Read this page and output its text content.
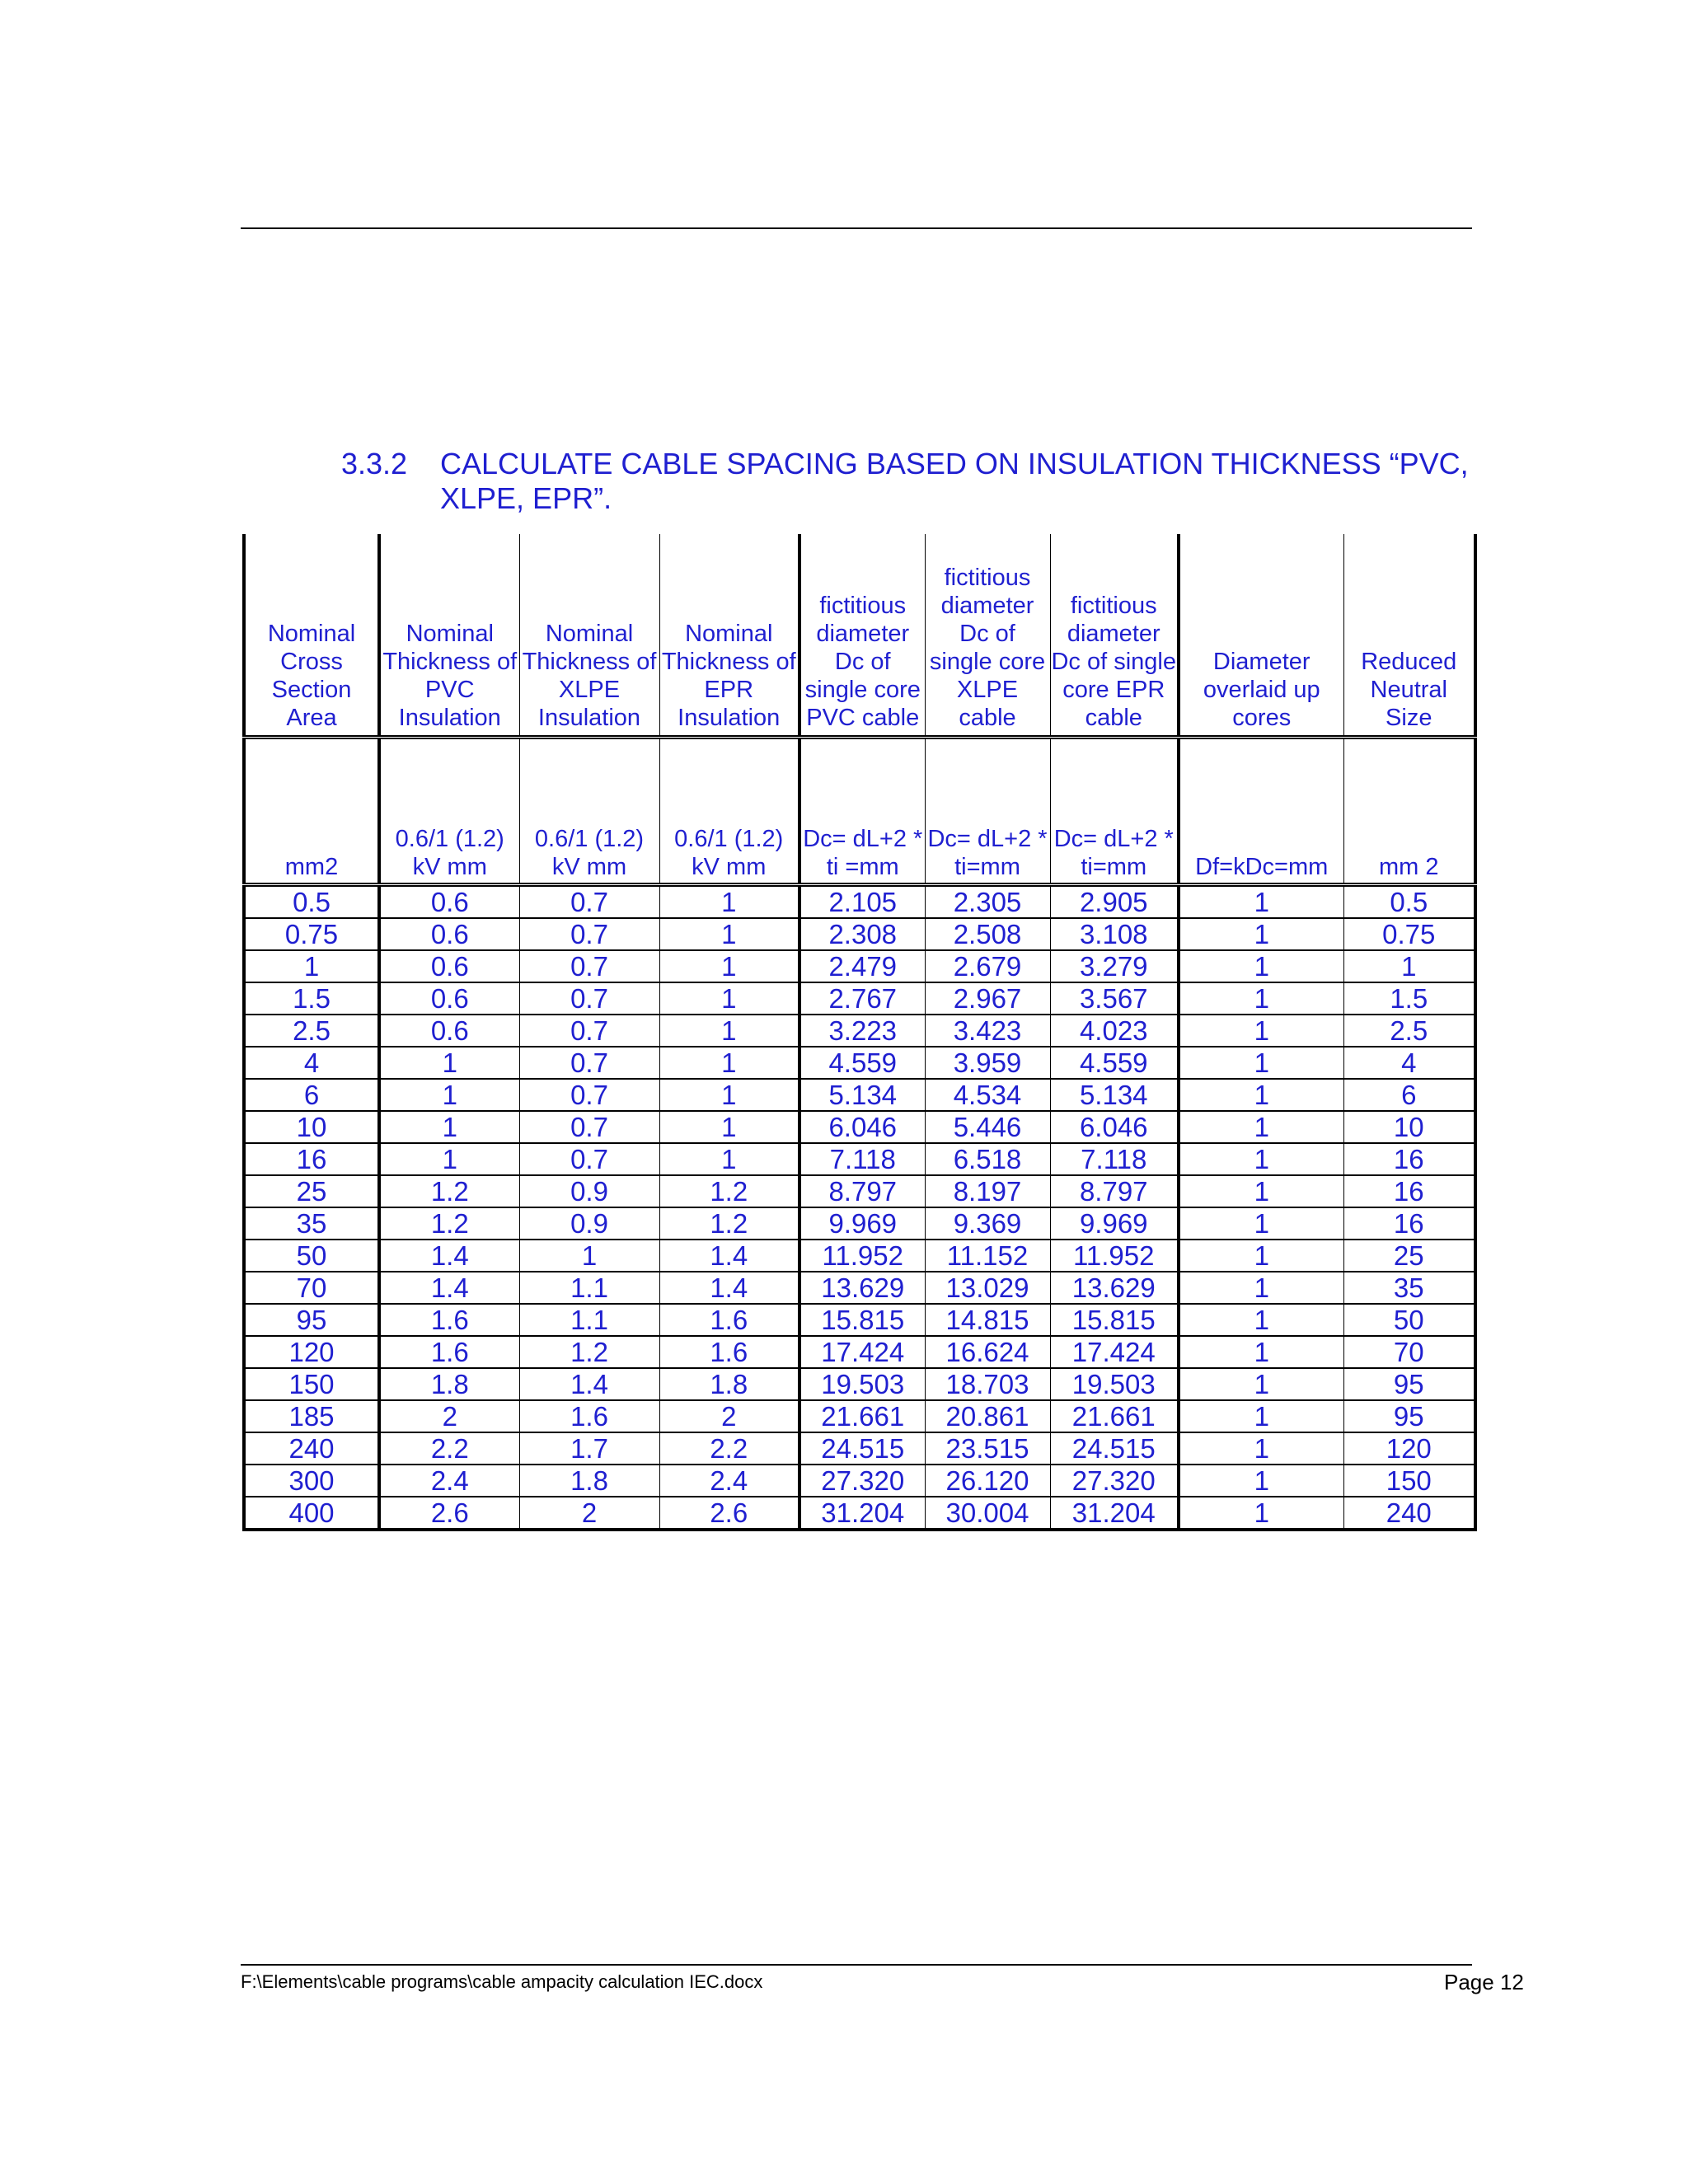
3.3.2 CALCULATE CABLE SPACING BASED ON INSULATION THICKNESS “PVC, XLPE, EPR”.
Nominal Cross Section Area	Nominal Thickness of PVC Insulation	Nominal Thickness of XLPE Insulation	Nominal Thickness of EPR Insulation	fictitious diameter Dc of single core PVC cable	fictitious diameter Dc of single core XLPE cable	fictitious diameter Dc of single core EPR cable	Diameter overlaid up cores	Reduced Neutral Size
mm2	0.6/1 (1.2) kV mm	0.6/1 (1.2) kV mm	0.6/1 (1.2) kV mm	Dc= dL+2 * ti =mm	Dc= dL+2 * ti=mm	Dc= dL+2 * ti=mm	Df=kDc=mm	mm 2
0.5	0.6	0.7	1	2.105	2.305	2.905	1	0.5
0.75	0.6	0.7	1	2.308	2.508	3.108	1	0.75
1	0.6	0.7	1	2.479	2.679	3.279	1	1
1.5	0.6	0.7	1	2.767	2.967	3.567	1	1.5
2.5	0.6	0.7	1	3.223	3.423	4.023	1	2.5
4	1	0.7	1	4.559	3.959	4.559	1	4
6	1	0.7	1	5.134	4.534	5.134	1	6
10	1	0.7	1	6.046	5.446	6.046	1	10
16	1	0.7	1	7.118	6.518	7.118	1	16
25	1.2	0.9	1.2	8.797	8.197	8.797	1	16
35	1.2	0.9	1.2	9.969	9.369	9.969	1	16
50	1.4	1	1.4	11.952	11.152	11.952	1	25
70	1.4	1.1	1.4	13.629	13.029	13.629	1	35
95	1.6	1.1	1.6	15.815	14.815	15.815	1	50
120	1.6	1.2	1.6	17.424	16.624	17.424	1	70
150	1.8	1.4	1.8	19.503	18.703	19.503	1	95
185	2	1.6	2	21.661	20.861	21.661	1	95
240	2.2	1.7	2.2	24.515	23.515	24.515	1	120
300	2.4	1.8	2.4	27.320	26.120	27.320	1	150
400	2.6	2	2.6	31.204	30.004	31.204	1	240
F:\Elements\cable programs\cable ampacity calculation IEC.docx	Page 12
